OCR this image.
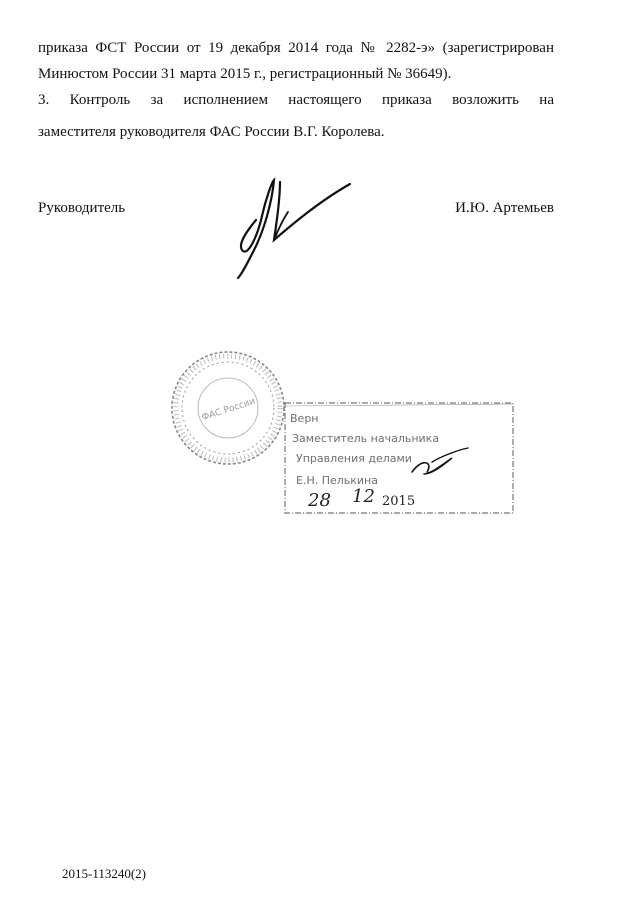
приказа ФСТ России от 19 декабря 2014 года № 2282-э» (зарегистрирован
Минюстом России 31 марта 2015 г., регистрационный № 36649).
3. Контроль за исполнением настоящего приказа возложить на
заместителя руководителя ФАС России В.Г. Королева.
Руководитель	И.Ю. Артемьев
ФАС России	Верн
Заместитель начальника
Управления делами
Е.Н. Пелькина
28 12 2015
2015-113240(2)
